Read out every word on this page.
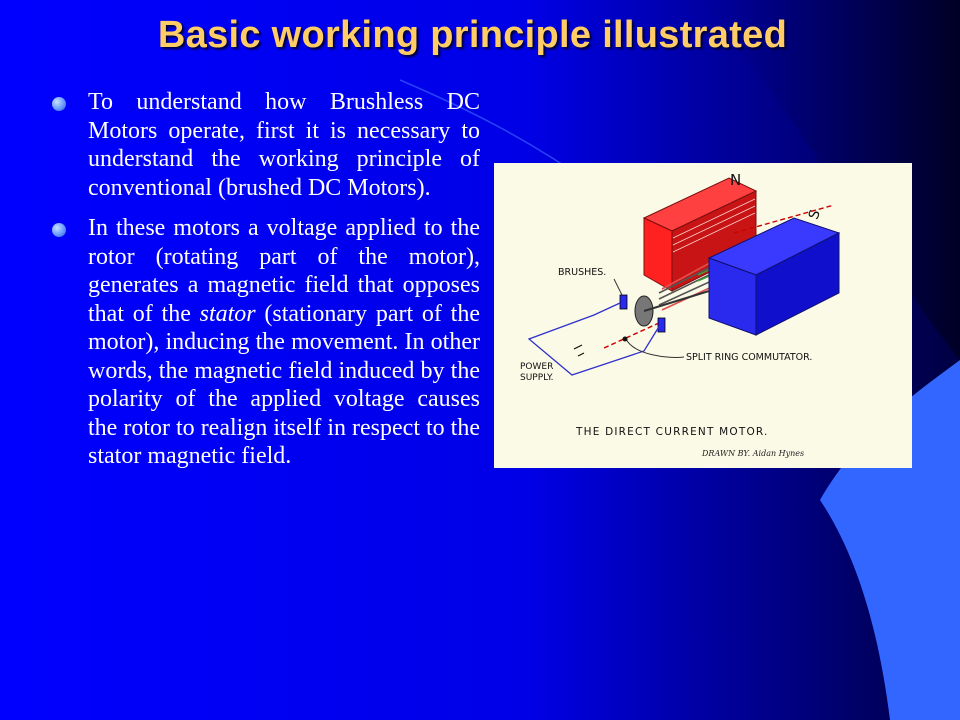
Basic working principle illustrated
To understand how Brushless DC Motors operate, first it is necessary to understand the working principle of conventional (brushed DC Motors).
In these motors a voltage applied to the rotor (rotating part of the motor), generates a magnetic field that opposes that of the stator (stationary part of the motor), inducing the movement. In other words, the magnetic field induced by the polarity of the applied voltage causes the rotor to realign itself in respect to the stator magnetic field.
N
S
BRUSHES.
POWER
SUPPLY.
SPLIT RING COMMUTATOR.
THE DIRECT CURRENT MOTOR.
DRAWN BY. Aidan Hynes
